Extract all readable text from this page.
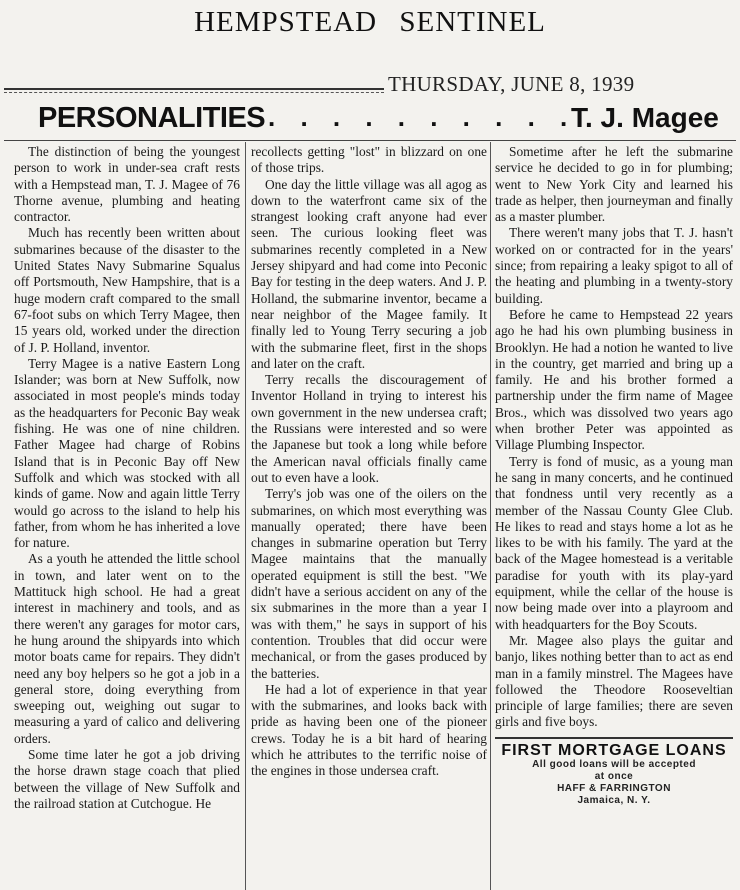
HEMPSTEAD SENTINEL
THURSDAY, JUNE 8, 1939
PERSONALITIES . . . . . . . . . .
T. J. Magee

The distinction of being the youngest person to work in under-sea craft rests with a Hempstead man, T. J. Magee of 76 Thorne avenue, plumbing and heating contractor.

Much has recently been written about submarines because of the disaster to the United States Navy Submarine Squalus off Portsmouth, New Hampshire, that is a huge modern craft compared to the small 67-foot subs on which Terry Magee, then 15 years old, worked under the direction of J. P. Holland, inventor.

Terry Magee is a native Eastern Long Islander; was born at New Suffolk, now associated in most people's minds today as the headquarters for Peconic Bay weak fishing. He was one of nine children. Father Magee had charge of Robins Island that is in Peconic Bay off New Suffolk and which was stocked with all kinds of game. Now and again little Terry would go across to the island to help his father, from whom he has inherited a love for nature.

As a youth he attended the little school in town, and later went on to the Mattituck high school. He had a great interest in machinery and tools, and as there weren't any garages for motor cars, he hung around the shipyards into which motor boats came for repairs. They didn't need any boy helpers so he got a job in a general store, doing everything from sweeping out, weighing out sugar to measuring a yard of calico and delivering orders.

Some time later he got a job driving the horse drawn stage coach that plied between the village of New Suffolk and the railroad station at Cutchogue. He

recollects getting "lost" in blizzard on one of those trips.

One day the little village was all agog as down to the waterfront came six of the strangest looking craft anyone had ever seen. The curious looking fleet was submarines recently completed in a New Jersey shipyard and had come into Peconic Bay for testing in the deep waters. And J. P. Holland, the submarine inventor, became a near neighbor of the Magee family. It finally led to Young Terry securing a job with the submarine fleet, first in the shops and later on the craft.

Terry recalls the discouragement of Inventor Holland in trying to interest his own government in the new undersea craft; the Russians were interested and so were the Japanese but took a long while before the American naval officials finally came out to even have a look.

Terry's job was one of the oilers on the submarines, on which most everything was manually operated; there have been changes in submarine operation but Terry Magee maintains that the manually operated equipment is still the best. "We didn't have a serious accident on any of the six submarines in the more than a year I was with them," he says in support of his contention. Troubles that did occur were mechanical, or from the gases produced by the batteries.

He had a lot of experience in that year with the submarines, and looks back with pride as having been one of the pioneer crews. Today he is a bit hard of hearing which he attributes to the terrific noise of the engines in those undersea craft.

Sometime after he left the submarine service he decided to go in for plumbing; went to New York City and learned his trade as helper, then journeyman and finally as a master plumber.

There weren't many jobs that T. J. hasn't worked on or contracted for in the years' since; from repairing a leaky spigot to all of the heating and plumbing in a twenty-story building.

Before he came to Hempstead 22 years ago he had his own plumbing business in Brooklyn. He had a notion he wanted to live in the country, get married and bring up a family. He and his brother formed a partnership under the firm name of Magee Bros., which was dissolved two years ago when brother Peter was appointed as Village Plumbing Inspector.

Terry is fond of music, as a young man he sang in many concerts, and he continued that fondness until very recently as a member of the Nassau County Glee Club. He likes to read and stays home a lot as he likes to be with his family. The yard at the back of the Magee homestead is a veritable paradise for youth with its play-yard equipment, while the cellar of the house is now being made over into a playroom and with headquarters for the Boy Scouts.

Mr. Magee also plays the guitar and banjo, likes nothing better than to act as end man in a family minstrel. The Magees have followed the Theodore Rooseveltian principle of large families; there are seven girls and five boys.

FIRST MORTGAGE LOANS
All good loans will be accepted
at once
HAFF & FARRINGTON
Jamaica, N. Y.
